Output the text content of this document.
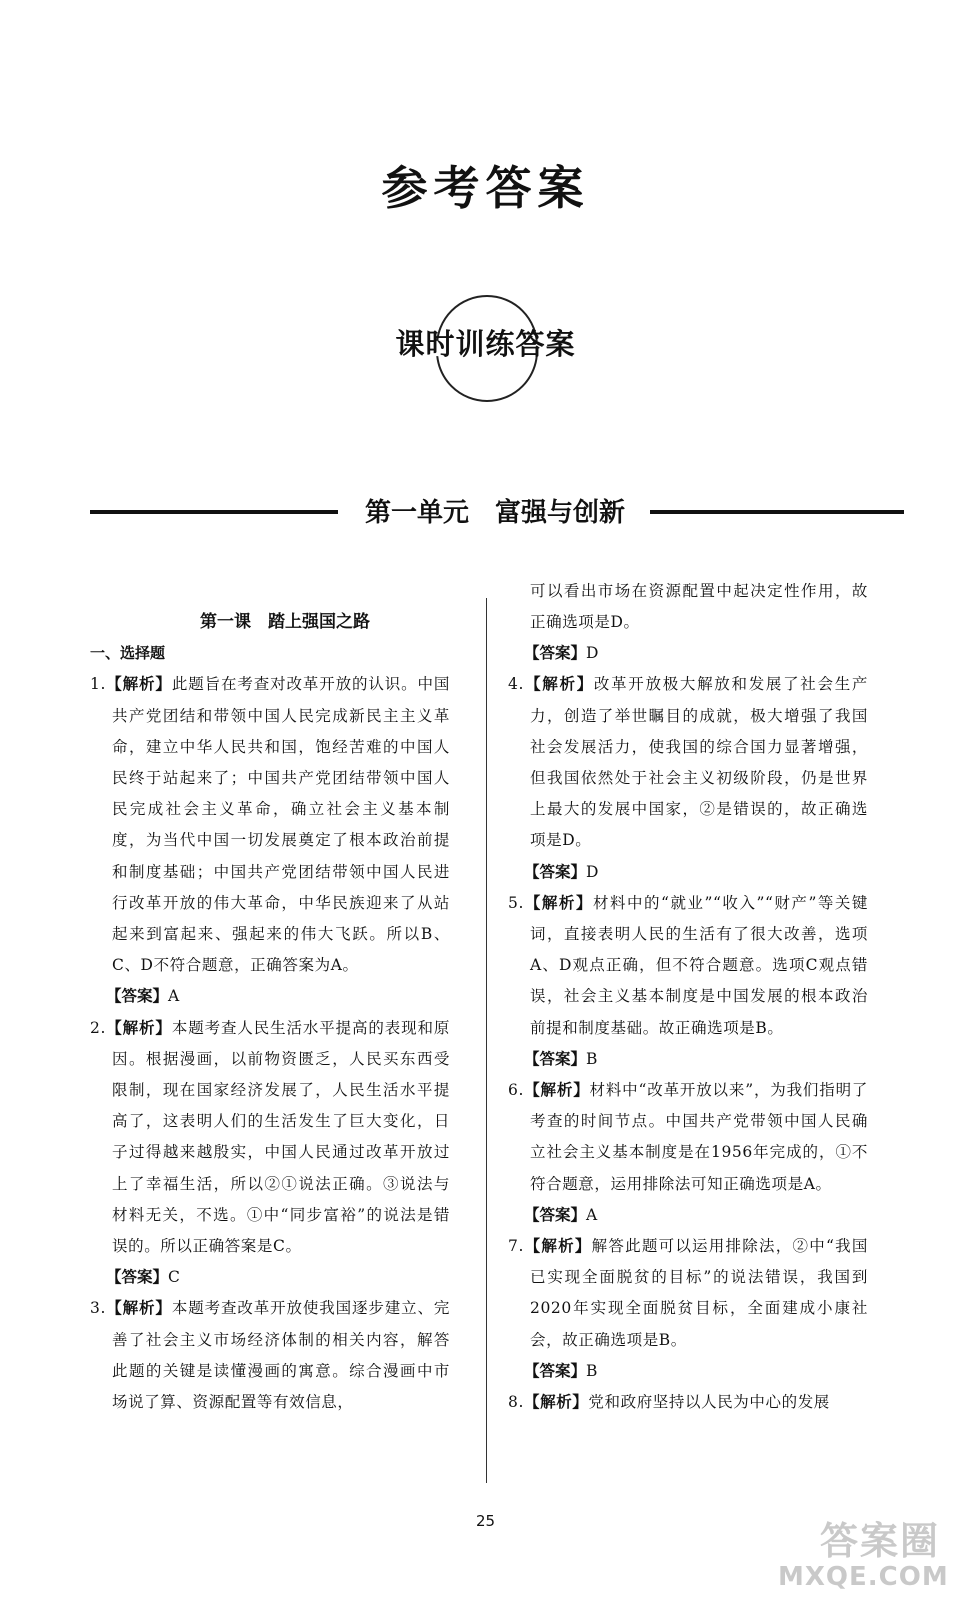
参考答案
课时训练答案
第一单元　富强与创新
第一课　踏上强国之路
一、选择题
1.【解析】此题旨在考查对改革开放的认识。中国共产党团结和带领中国人民完成新民主主义革命，建立中华人民共和国，饱经苦难的中国人民终于站起来了；中国共产党团结带领中国人民完成社会主义革命，确立社会主义基本制度，为当代中国一切发展奠定了根本政治前提和制度基础；中国共产党团结带领中国人民进行改革开放的伟大革命，中华民族迎来了从站起来到富起来、强起来的伟大飞跃。所以B、C、D不符合题意，正确答案为A。
【答案】A
2.【解析】本题考查人民生活水平提高的表现和原因。根据漫画，以前物资匮乏，人民买东西受限制，现在国家经济发展了，人民生活水平提高了，这表明人们的生活发生了巨大变化，日子过得越来越殷实，中国人民通过改革开放过上了幸福生活，所以②①说法正确。③说法与材料无关，不选。①中“同步富裕”的说法是错误的。所以正确答案是C。
【答案】C
3.【解析】本题考查改革开放使我国逐步建立、完善了社会主义市场经济体制的相关内容，解答此题的关键是读懂漫画的寓意。综合漫画中市场说了算、资源配置等有效信息，
可以看出市场在资源配置中起决定性作用，故正确选项是D。
【答案】D
4.【解析】改革开放极大解放和发展了社会生产力，创造了举世瞩目的成就，极大增强了我国社会发展活力，使我国的综合国力显著增强，但我国依然处于社会主义初级阶段，仍是世界上最大的发展中国家，②是错误的，故正确选项是D。
【答案】D
5.【解析】材料中的“就业”“收入”“财产”等关键词，直接表明人民的生活有了很大改善，选项A、D观点正确，但不符合题意。选项C观点错误，社会主义基本制度是中国发展的根本政治前提和制度基础。故正确选项是B。
【答案】B
6.【解析】材料中“改革开放以来”，为我们指明了考查的时间节点。中国共产党带领中国人民确立社会主义基本制度是在1956年完成的，①不符合题意，运用排除法可知正确选项是A。
【答案】A
7.【解析】解答此题可以运用排除法，②中“我国已实现全面脱贫的目标”的说法错误，我国到2020年实现全面脱贫目标，全面建成小康社会，故正确选项是B。
【答案】B
8.【解析】党和政府坚持以人民为中心的发展
25	答案圈
MXQE.COM
